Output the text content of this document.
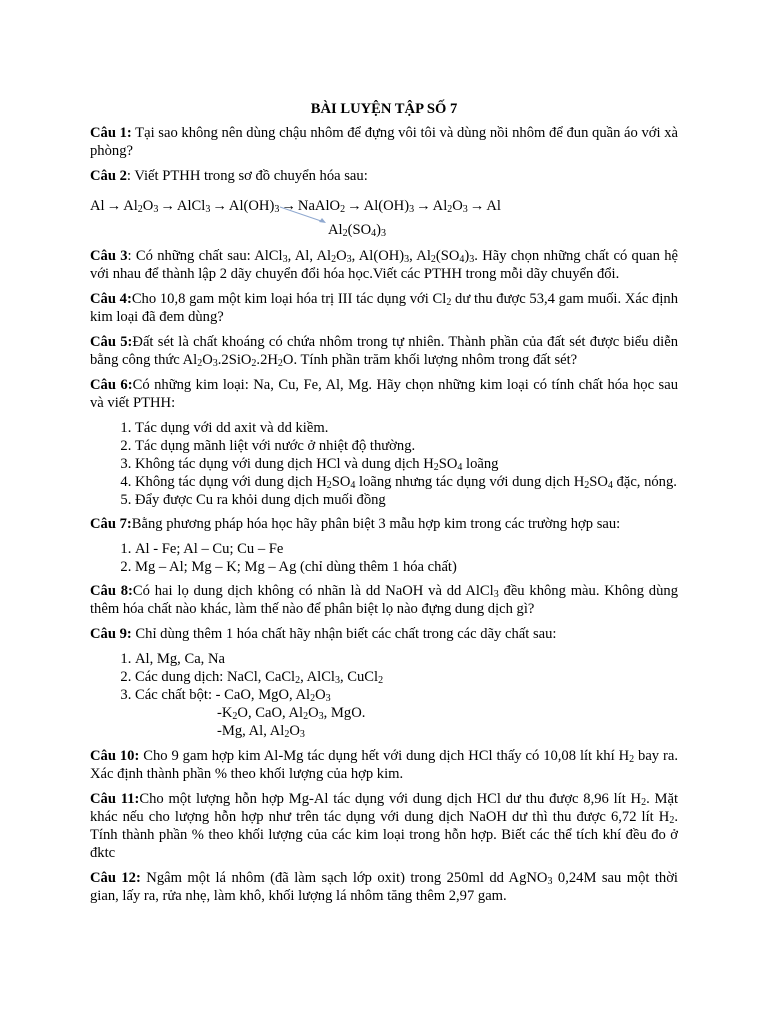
BÀI LUYỆN TẬP SỐ 7

Câu 1: Tại sao không nên dùng chậu nhôm để đựng vôi tôi và dùng nồi nhôm để đun quần áo với xà phòng?

Câu 2: Viết PTHH trong sơ đồ chuyển hóa sau:

$Al\to Al_2O_3\to AlCl_3\to Al(OH)_3\to NaAlO_2\to Al(OH)_3\to Al_2O_3\to Al$
$Al_2(SO_4)_3$

Câu 3: Có những chất sau: AlCl$_3$, Al, $Al_2O_3$, $Al(OH)_3$, $Al_2(SO_4)_3$. Hãy chọn những chất có quan hệ với nhau để thành lập 2 dãy chuyển đổi hóa học.Viết các PTHH trong mỗi dãy chuyển đổi.

Câu 4:Cho 10,8 gam một kim loại hóa trị III tác dụng với $Cl_2$ dư thu được 53,4 gam muối. Xác định kim loại đã đem dùng?

Câu 5:Đất sét là chất khoáng có chứa nhôm trong tự nhiên. Thành phần của đất sét được biểu diễn bằng công thức $Al_2O_3.2SiO_2.2H_2O$. Tính phần trăm khối lượng nhôm trong đất sét?

Câu 6:Có những kim loại: Na, Cu, Fe, Al, Mg. Hãy chọn những kim loại có tính chất hóa học sau và viết PTHH:

1. Tác dụng với dd axit và dd kiềm.
2. Tác dụng mãnh liệt với nước ở nhiệt độ thường.
3. Không tác dụng với dung dịch HCl và dung dịch $H_2SO_4$ loãng
4. Không tác dụng với dung dịch $H_2SO_4$ loãng nhưng tác dụng với dung dịch $H_2SO_4$ đặc, nóng.
5. Đẩy được Cu ra khỏi dung dịch muối đồng

Câu 7:Bằng phương pháp hóa học hãy phân biệt 3 mẫu hợp kim trong các trường hợp sau:

1. Al - Fe; Al – Cu; Cu – Fe
2. Mg – Al; Mg – K; Mg – Ag (chỉ dùng thêm 1 hóa chất)

Câu 8:Có hai lọ dung dịch không có nhãn là dd NaOH và dd AlCl$_3$ đều không màu. Không dùng thêm hóa chất nào khác, làm thế nào để phân biệt lọ nào đựng dung dịch gì?

Câu 9: Chỉ dùng thêm 1 hóa chất hãy nhận biết các chất trong các dãy chất sau:

1. Al, Mg, Ca, Na
2. Các dung dịch: NaCl, CaCl$_2$, AlCl$_3$, CuCl$_2$
3. Các chất bột: - CaO, MgO, $Al_2O_3$
$-K_2O$, CaO, $Al_2O_3$, MgO.
-Mg, Al, $Al_2O_3$

Câu 10: Cho 9 gam hợp kim Al-Mg tác dụng hết với dung dịch HCl thấy có 10,08 lít khí $H_2$ bay ra. Xác định thành phần % theo khối lượng của hợp kim.

Câu 11:Cho một lượng hỗn hợp Mg-Al tác dụng với dung dịch HCl dư thu được 8,96 lít $H_2$. Mặt khác nếu cho lượng hỗn hợp như trên tác dụng với dung dịch NaOH dư thì thu được 6,72 lít $H_2$. Tính thành phần % theo khối lượng của các kim loại trong hỗn hợp. Biết các thể tích khí đều đo ở đktc

Câu 12: Ngâm một lá nhôm (đã làm sạch lớp oxit) trong 250ml dd AgNO$_3$ 0,24M sau một thời gian, lấy ra, rửa nhẹ, làm khô, khối lượng lá nhôm tăng thêm 2,97 gam.
